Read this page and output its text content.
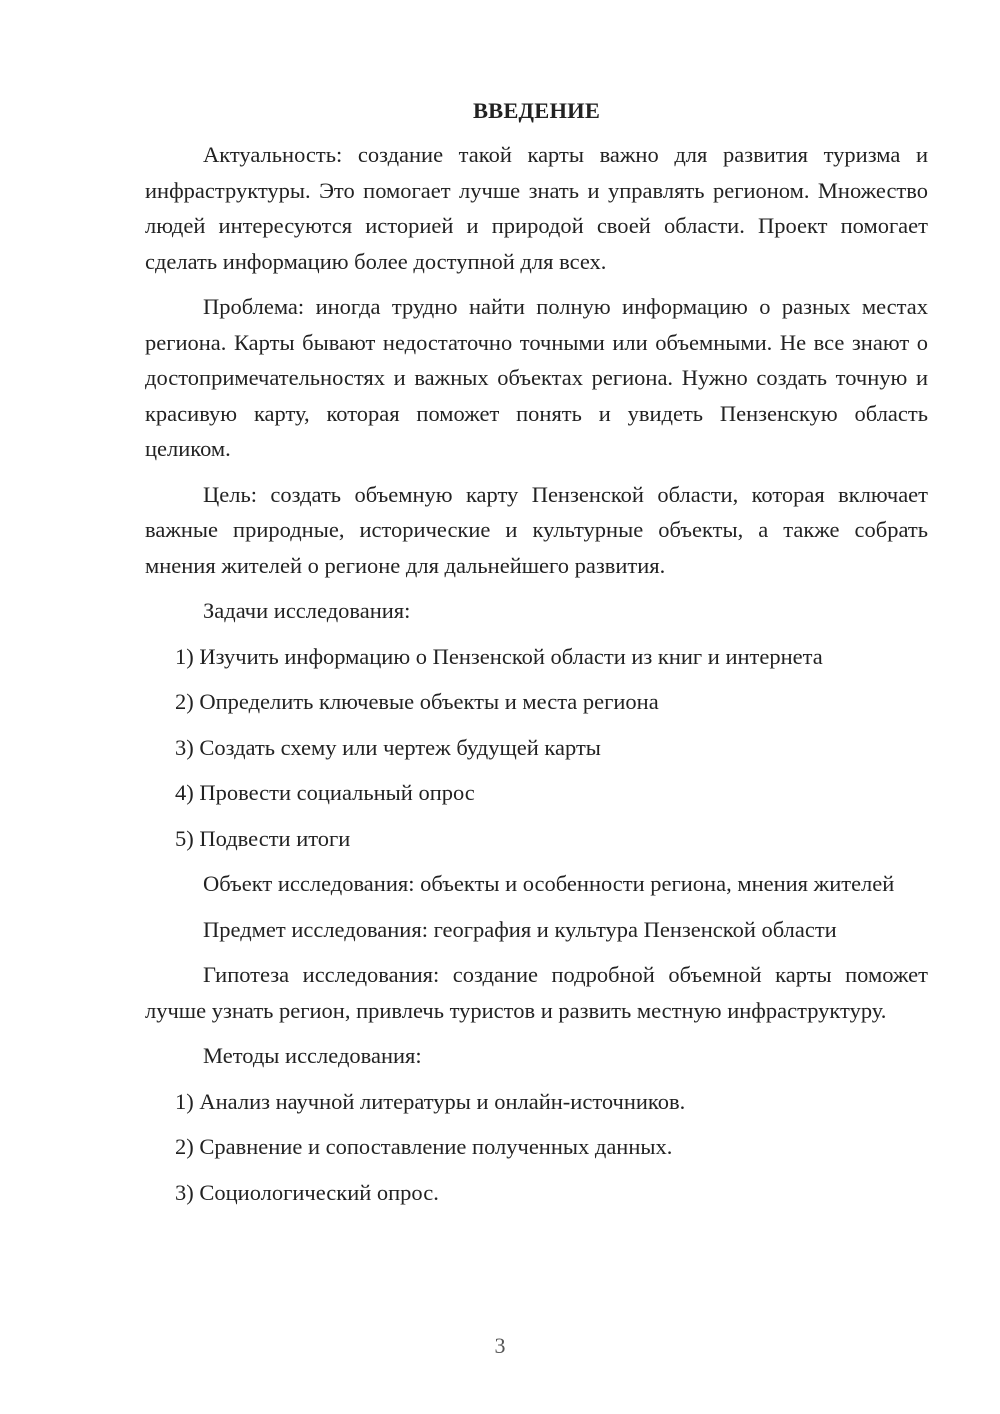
ВВЕДЕНИЕ

Актуальность: создание такой карты важно для развития туризма и инфраструктуры. Это помогает лучше знать и управлять регионом. Множество людей интересуются историей и природой своей области. Проект помогает сделать информацию более доступной для всех.

Проблема: иногда трудно найти полную информацию о разных местах региона. Карты бывают недостаточно точными или объемными. Не все знают о достопримечательностях и важных объектах региона. Нужно создать точную и красивую карту, которая поможет понять и увидеть Пензенскую область целиком.

Цель: создать объемную карту Пензенской области, которая включает важные природные, исторические и культурные объекты, а также собрать мнения жителей о регионе для дальнейшего развития.

Задачи исследования:

1) Изучить информацию о Пензенской области из книг и интернета

2) Определить ключевые объекты и места региона

3) Создать схему или чертеж будущей карты

4) Провести социальный опрос

5) Подвести итоги

Объект исследования: объекты и особенности региона, мнения жителей

Предмет исследования: география и культура Пензенской области

Гипотеза исследования: создание подробной объемной карты поможет лучше узнать регион, привлечь туристов и развить местную инфраструктуру.

Методы исследования:

1) Анализ научной литературы и онлайн-источников.

2) Сравнение и сопоставление полученных данных.

3) Социологический опрос.

3
